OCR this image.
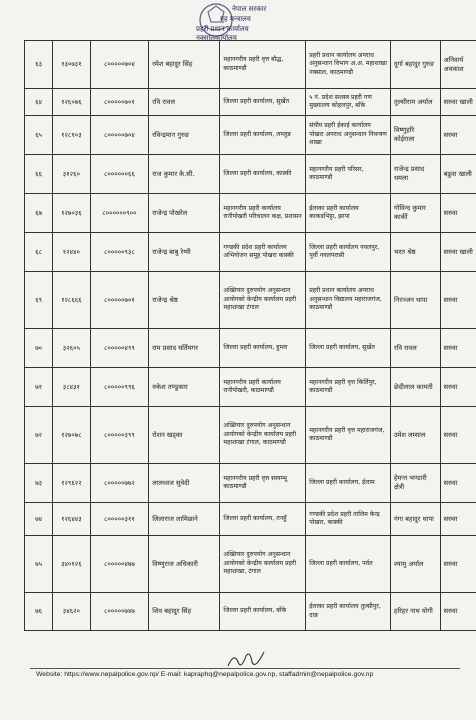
नेपाल सरकार
गृह मन्त्रालय
प्रहरी प्रधान कार्यालय
नक्सालकार्यालय
६३	१३०७३१	८०००००७०४	रमेश बहादुर सिंह	महानगरीय प्रहरी वृत्त बौद्ध, काठमाण्डौ	प्रहरी प्रधान कार्यालय अपराध अनुसन्धान विभाग अ.अ. महाशाखा नक्साल, काठमाण्डौ	दुर्गा बहादुर गुरुङ	अनिवार्य अवकाश
६४	१२६०७६	८०००००७०१	रवि रावल	जिल्ला प्रहरी कार्यालय, सुर्खेत	५ नं. प्रदेश सशस्त्र प्रहरी गण मुख्यालय कोहलपुर, बाँके	तुल्सीराम अर्याल	सरुवा खाली
६५	१२८१०३	८०००००७०४	रविन्द्रमान गुरुङ	जिल्ला प्रहरी कार्यालय, लम्जुङ	संघीय प्रहरी ईकाई कार्यालय पोखरा अपराध अनुसन्धान निवन्त्रण शाखा	विष्णुहरि कोईराला	सरुवा
६६	३१२६०	८००००००६६	राज कुमार के.सी.	जिल्ला प्रहरी कार्यालय, कास्की	महानगरीय प्रहरी परिसर, काठमाण्डौ	राजेन्द्र प्रसाद धमला	बढुवा खाली
६७	१२७०३६	८००००००९००	राजेन्द्र पोखरेल	महानगरीय प्रहरी कार्यालय रानीपोखरी परिचालन कक्ष, प्रशासन	ईलाका प्रहरी कार्यालय काकडभिट्टा, झापा	गोविन्द कुमार कार्की	सरुवा
६८	१२४४०	८०००००९३८	राजेन्द्र बाबु रेग्मी	गण्डकी प्रदेश प्रहरी कार्यालय अभियोजन समूह पोखरा कास्की	जिल्ला प्रहरी कार्यालय नवलपुर, पुर्वी नवलपरासी	भरत श्रेष्ठ	सरुवा खाली
६९	१२८६६६	८०००००७०१	राजेन्द्र श्रेष्ठ	अख्तियार दुरुपयोग अनुसन्धान आयोगको केन्द्रीय कार्यालय प्रहरी महाशाखा टंगाल	प्रहरी प्रधान कार्यालय अपराध अनुसन्धान विद्यालय महाराजगंज, काठमाण्डौ	निरञ्जन थापा	सरुवा
७०	३२६०५	८०००००४९९	राम प्रसाद घर्तिमगर	जिल्ला प्रहरी कार्यालय, हुम्ला	जिल्ला प्रहरी कार्यालय, सुर्खेत	रवि रावल	सरुवा
७१	३८४३१	८०००००९९६	रुकेश तण्डुकार	महानगरीय प्रहरी कार्यालय रानीपोखरी, काठमाण्डौ	महानगरीय प्रहरी वृत्त किर्तिपुर, काठमाण्डौ	छेदीलाल कामती	सरुवा
७२	१२७०७८	८०००००३९९	रोशन खड्का	अख्तियार दुरुपयोग अनुसन्धान आयोगको केन्द्रीय कार्यालय प्रहरी महाशाखा टंगाल, काठमाण्डौ	महानगरीय प्रहरी वृत्त महाराजगंज, काठमाण्डौ	उमेश लम्साल	सरुवा
७३	१२९६२२	८०००००७७२	लालध्वज सुवेदी	महानगरीय प्रहरी वृत्त स्वयम्भू काठमाण्डौ	जिल्ला प्रहरी कार्यालय, ईलाम	हेमन्त भण्डारी क्षेत्री	सरुवा
७४	१२६४४३	८०००००३११	लिलाराज लामिछाने	जिल्ला प्रहरी कार्यालय, तनहुँ	गण्डकी प्रदेश प्रहरी तालिम केन्द्र पोखरा, कास्की	गंगा बहादुर थापा	सरुवा
७५	३४०१२६	८०००००४७७	विष्णुराज अधिकारी	अख्तियार दुरुपयोग अनुसन्धान आयोगको केन्द्रीय कार्यालय प्रहरी महाशाखा, टंगाल	जिल्ला प्रहरी कार्यालय, पर्वत	श्यामु अर्याल	सरुवा
७६	३४६२०	८०००००७४७	शिव बहादुर सिंह	जिल्ला प्रहरी कार्यालय, बाँके	ईलाका प्रहरी कार्यालय तुल्सीपुर, दाङ	हरिहर नाथ योगी	सरुवा
Website: https://www.nepalpolice.gov.np/ E-mail: kapraphq@nepalpolice.gov.np, staffadmin@nepalpolice.gov.np
